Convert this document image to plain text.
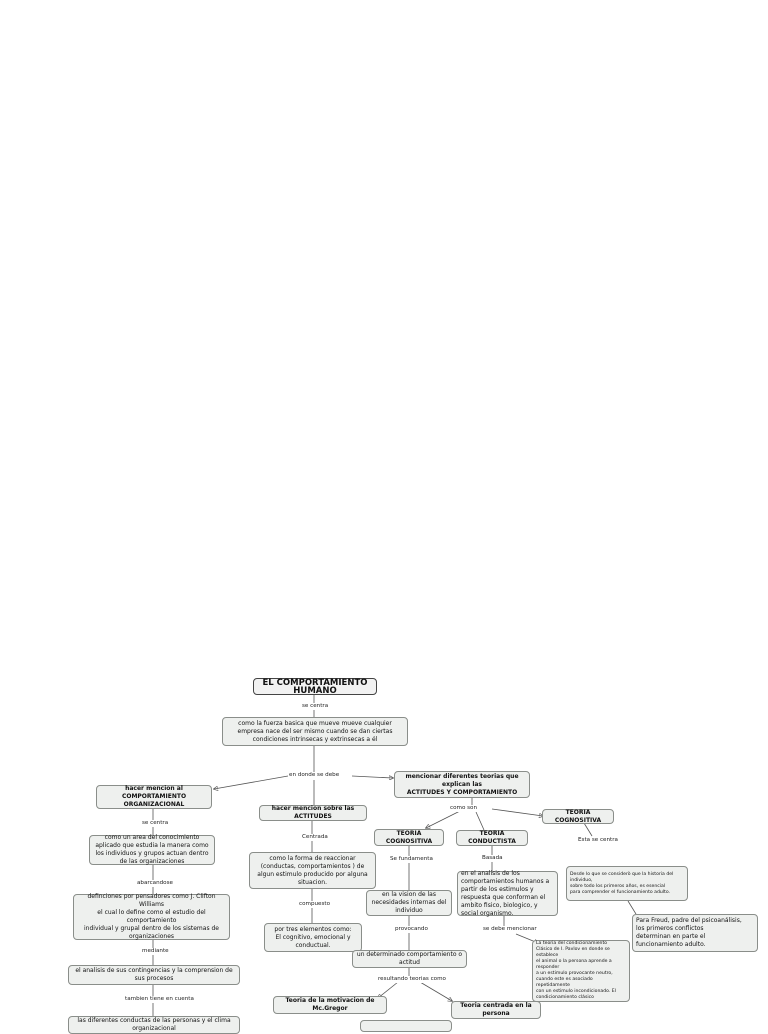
EL COMPORTAMIENTO HUMANO
como la fuerza basica que mueve mueve cualquier empresa nace del ser mismo cuando se dan ciertas condiciones intrinsecas y extrinsecas a él
hacer mencion al
COMPORTAMIENTO ORGANIZACIONAL
como un area del conocimiento aplicado que estudia la manera como los individuos y grupos actuan dentro de las organizaciones
definciones por pensadores como J. Clifton Williams
el cual lo define como el estudio del comportamiento
individual y grupal dentro de los sistemas de organizaciones
el analisis de sus contingencias y la comprension de sus procesos
las diferentes conductas de las personas y el clima organizacional
hacer mencion sobre las ACTITUDES
como la forma de reaccionar (conductas, comportamientos ) de algun estimulo producido por alguna situacion.
por tres elementos como:
El cognitivo, emocional y conductual.
mencionar diferentes teorias que explican las
ACTITUDES Y COMPORTAMIENTO
TEORIA COGNOSITIVA
en la vision de las necesidades internas del individuo
un determinado comportamiento o actitud
TEORIA CONDUCTISTA
en el analisis de los comportamientos humanos a partir de los estimulos y respuesta que conforman el ambito fisico, biologico, y social organismo.
La teoria del condicionamiento
Clásico de I. Pavlov en donde se establece
el animal o la persona aprende a responder
a un estimulo provocante neutro,
cuando este es asociado repetidamente
con un estimulo incondicionado. El
condicionamiento clásico
TEORIA COGNOSITIVA
Desde lo que se considerò que la historia del individuo,
sobre todo los primeros años, es esencial
para comprender el funcionamiento adulto.
Para Freud, padre del psicoanálisis,
los primeros conflictos
determinan en parte el funcionamiento adulto.
Teoria de la motivacion de Mc.Gregor	Teoria centrada en la persona
se centra
en donde se debe
se centra
abarcandose
mediante
tambien tiene en cuenta
Centrada
compuesto
como son
Se fundamenta
provocando
resultando teorias como
Basada
se debe mencionar
Esta se centra
